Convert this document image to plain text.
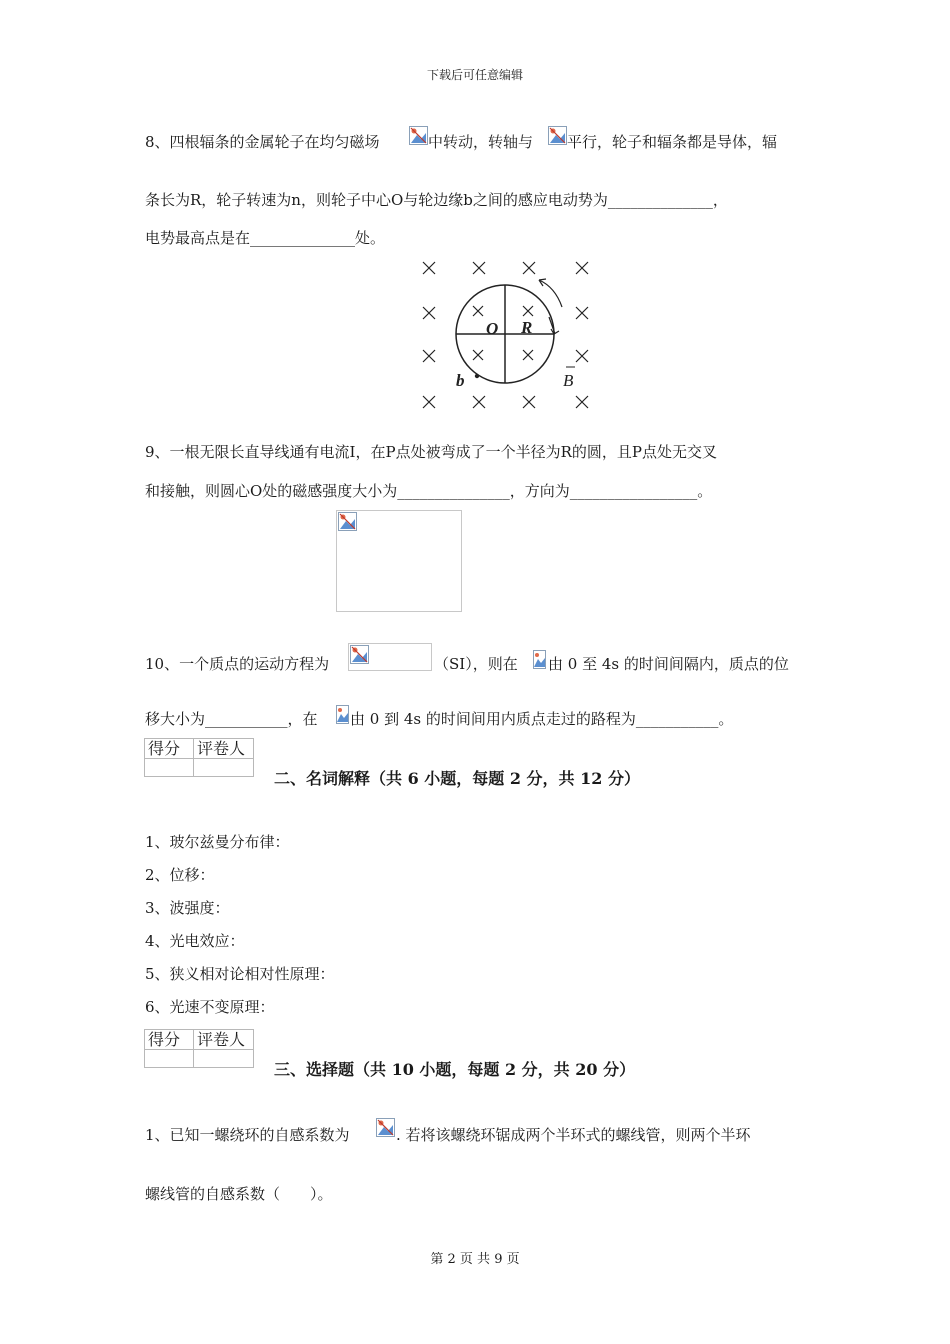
下载后可任意编辑
第 2 页 共 9 页
8、四根辐条的金属轮子在均匀磁场	中转动，转轴与 平行，轮子和辐条都是导体，辐
条长为R，轮子转速为n，则轮子中心O与轮边缘b之间的感应电动势为______________，
电势最高点是在______________处。
O R
b	B
9、一根无限长直导线通有电流I，在P点处被弯成了一个半径为R的圆，且P点处无交叉
和接触，则圆心O处的磁感强度大小为_______________，方向为_________________。
10、一个质点的运动方程为	（SI），则在 由 0 至 4s 的时间间隔内，质点的位
移大小为___________，在 由 0 到 4s 的时间间用内质点走过的路程为___________。
得分	评卷人

二、名词解释（共 6 小题，每题 2 分，共 12 分）
1、玻尔兹曼分布律：
2、位移：
3、波强度：
4、光电效应：
5、狭义相对论相对性原理：
6、光速不变原理：
得分	评卷人

三、选择题（共 10 小题，每题 2 分，共 20 分）
1、已知一螺绕环的自感系数为	. 若将该螺绕环锯成两个半环式的螺线管，则两个半环
螺线管的自感系数（　　）。
